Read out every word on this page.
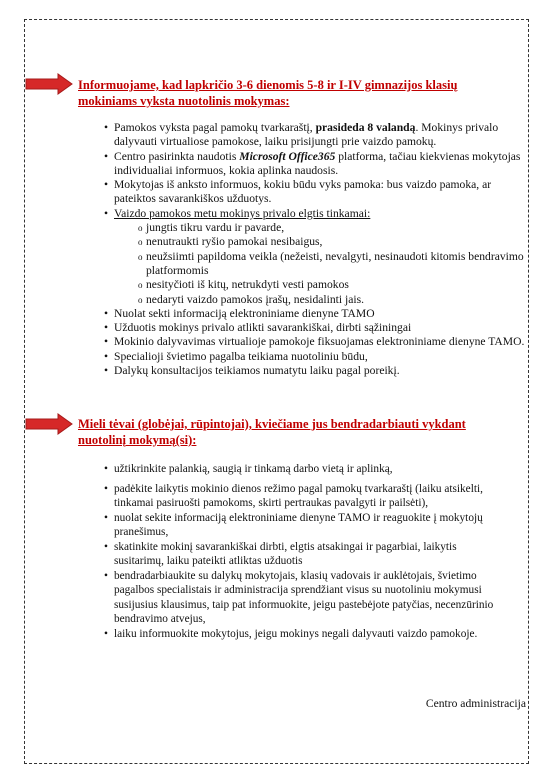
Informuojame, kad lapkričio 3-6 dienomis 5-8 ir I-IV gimnazijos klasių mokiniams vyksta nuotolinis mokymas:

• Pamokos vyksta pagal pamokų tvarkaraštį, prasideda 8 valandą. Mokinys privalo dalyvauti virtualiose pamokose, laiku prisijungti prie vaizdo pamokų.
• Centro pasirinkta naudotis Microsoft Office365 platforma, tačiau kiekvienas mokytojas individualiai informuos, kokia aplinka naudosis.
• Mokytojas iš anksto informuos, kokiu būdu vyks pamoka: bus vaizdo pamoka, ar pateiktos savarankiškos užduotys.
• Vaizdo pamokos metu mokinys privalo elgtis tinkamai:
o jungtis tikru vardu ir pavarde,
o nenutraukti ryšio pamokai nesibaigus,
o neužsiimti papildoma veikla (nežeisti, nevalgyti, nesinaudoti kitomis bendravimo platformomis
o nesityčioti iš kitų, netrukdyti vesti pamokos
o nedaryti vaizdo pamokos įrašų, nesidalinti jais.
• Nuolat sekti informaciją elektroniniame dienyne TAMO
• Užduotis mokinys privalo atlikti savarankiškai, dirbti sąžiningai
• Mokinio dalyvavimas virtualioje pamokoje fiksuojamas elektroniniame dienyne TAMO.
• Specialioji švietimo pagalba teikiama nuotoliniu būdu,
• Dalykų konsultacijos teikiamos numatytu laiku pagal poreikį.

Mieli tėvai (globėjai, rūpintojai), kviečiame jus bendradarbiauti vykdant nuotolinį mokymą(si):

• užtikrinkite palankią, saugią ir tinkamą darbo vietą ir aplinką,
• padėkite laikytis mokinio dienos režimo pagal pamokų tvarkaraštį (laiku atsikelti, tinkamai pasiruošti pamokoms, skirti pertraukas pavalgyti ir pailsėti),
• nuolat sekite informaciją elektroniniame dienyne TAMO ir reaguokite į mokytojų pranešimus,
• skatinkite mokinį savarankiškai dirbti, elgtis atsakingai ir pagarbiai, laikytis susitarimų, laiku pateikti atliktas užduotis
• bendradarbiaukite su dalykų mokytojais, klasių vadovais ir auklėtojais, švietimo pagalbos specialistais ir administracija sprendžiant visus su nuotoliniu mokymusi susijusius klausimus, taip pat informuokite, jeigu pastebėjote patyčias, necenzūrinio bendravimo atvejus,
• laiku informuokite mokytojus, jeigu mokinys negali dalyvauti vaizdo pamokoje.
Centro administracija
